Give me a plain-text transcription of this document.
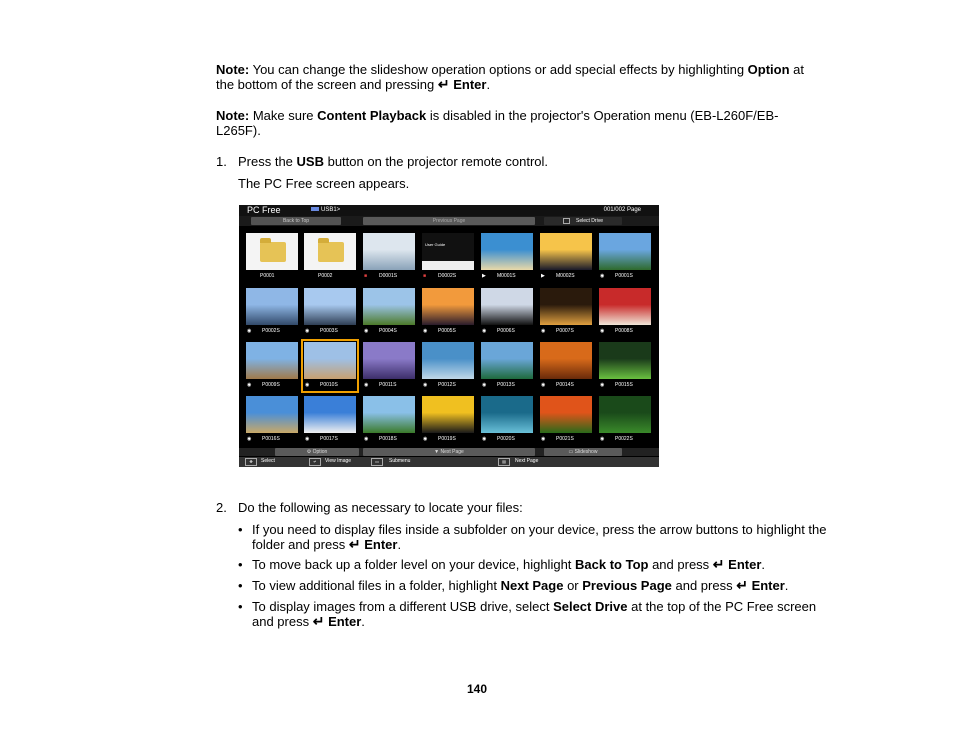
Note: You can change the slideshow operation options or add special effects by highlighting Option at the bottom of the screen and pressing ↵ Enter.

Note: Make sure Content Playback is disabled in the projector's Operation menu (EB-L260F/EB-L265F).

1. Press the USB button on the projector remote control.
The PC Free screen appears.
PC Free	USB1>	001/002 Page
Back to Top	Previous Page	Select Drive
P0001	P0002	■ D0001S
User Guide
■ D0002S	▶ M0001S	▶ M0002S	◉ P0001S
◉ P0002S	◉ P0003S	◉ P0004S	◉ P0005S	◉ P0006S	◉ P0007S	◉ P0008S
◉ P0009S	◉ P0010S	◉ P0011S	◉ P0012S	◉ P0013S	◉ P0014S	◉ P0015S
◉ P0016S	◉ P0017S	◉ P0018S	◉ P0019S	◉ P0020S	◉ P0021S	◉ P0022S
⚙ Option	▼ Next Page	▭ Slideshow
✥	Select	↵	View Image	▭	Submenu	▤	Next Page
2. Do the following as necessary to locate your files:
• If you need to display files inside a subfolder on your device, press the arrow buttons to highlight the folder and press ↵ Enter.
• To move back up a folder level on your device, highlight Back to Top and press ↵ Enter.
• To view additional files in a folder, highlight Next Page or Previous Page and press ↵ Enter.
• To display images from a different USB drive, select Select Drive at the top of the PC Free screen and press ↵ Enter.
140
